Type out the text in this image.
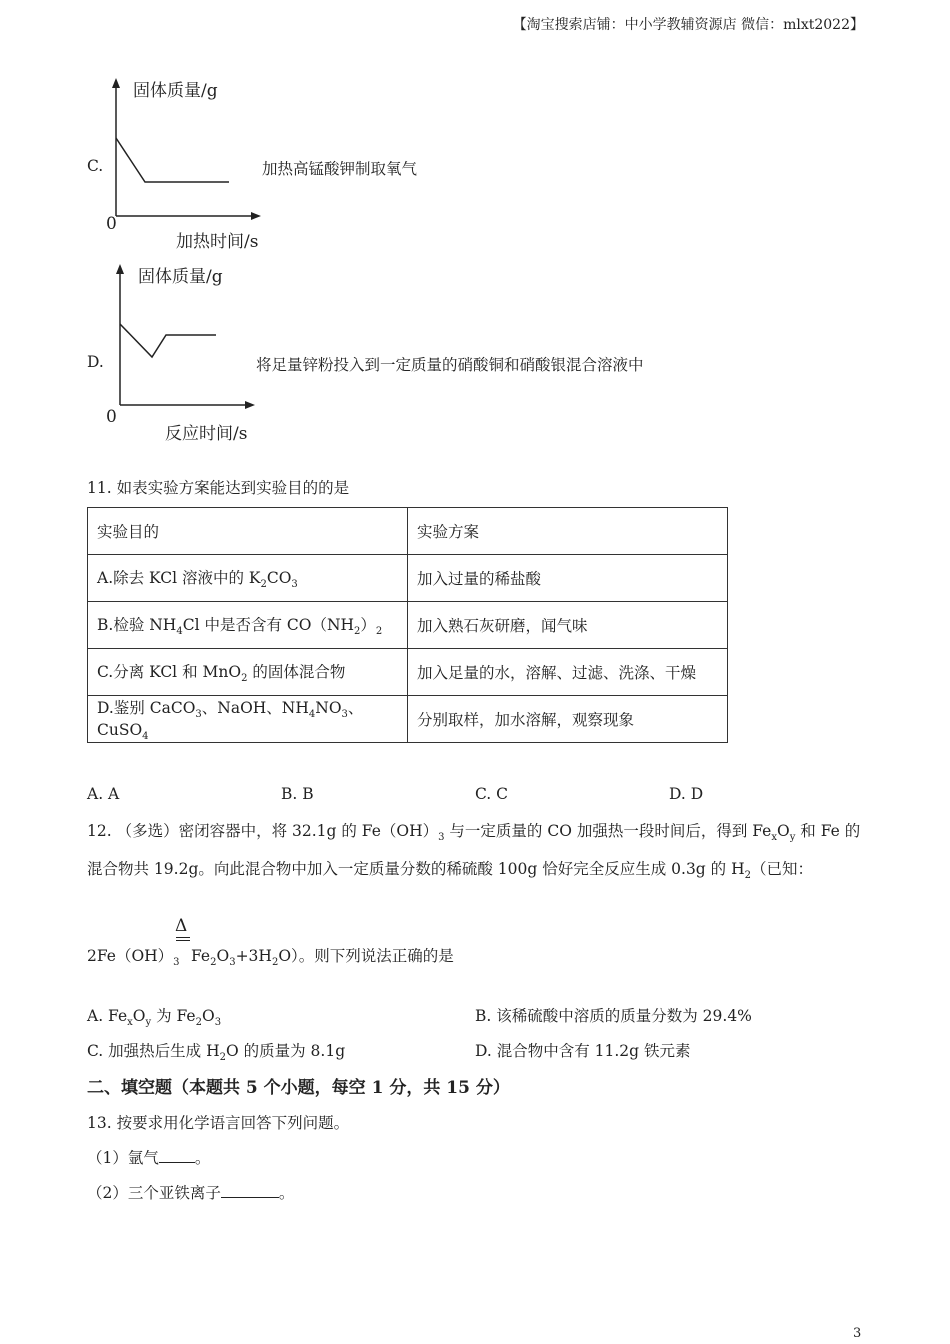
【淘宝搜索店铺：中小学教辅资源店 微信：mlxt2022】
C.
固体质量/g
0
加热时间/s
加热高锰酸钾制取氧气
D.
固体质量/g
0
反应时间/s
将足量锌粉投入到一定质量的硝酸铜和硝酸银混合溶液中
11. 如表实验方案能达到实验目的的是
实验目的	实验方案
A.除去 KCl 溶液中的 $K_2CO_3$	加入过量的稀盐酸
B.检验 $NH_4Cl$ 中是否含有 $CO(NH_2)_2$	加入熟石灰研磨，闻气味
C.分离 KCl 和 MnO$_2$ 的固体混合物	加入足量的水，溶解、过滤、洗涤、干燥
D.鉴别 CaCO$_3$、NaOH、$NH_4NO_3$、CuSO$_4$	分别取样，加水溶解，观察现象
A. A	B. B	C. C	D. D
12. （多选）密闭容器中，将 32.1g 的 $Fe(OH)_3$ 与一定质量的 CO 加强热一段时间后，得到 $Fe_xO_y$ 和 Fe 的
混合物共 19.2g。向此混合物中加入一定质量分数的稀硫酸 100g 恰好完全反应生成 0.3g 的 $H_2$（已知：
Δ
$2Fe(OH)_3$ $Fe_2O_3+3H_2O$）。则下列说法正确的是
A. $Fe_xO_y$ 为 $Fe_2O_3$	B. 该稀硫酸中溶质的质量分数为 29.4%
C. 加强热后生成 $H_2O$ 的质量为 8.1g	D. 混合物中含有 11.2g 铁元素
二、填空题（本题共 5 个小题，每空 1 分，共 15 分）
13. 按要求用化学语言回答下列问题。
（1）氩气 。
（2）三个亚铁离子	。
3
